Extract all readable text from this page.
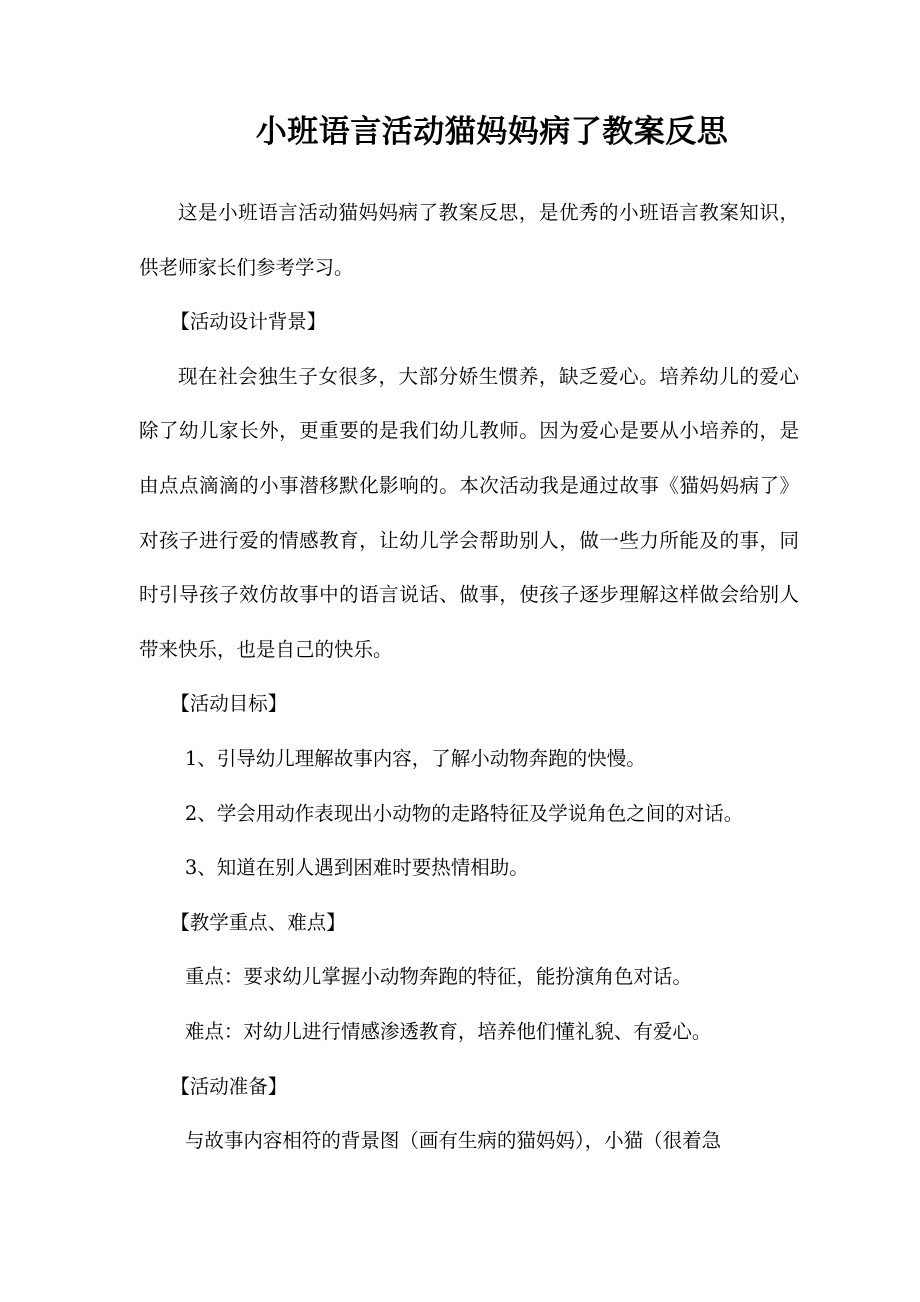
小班语言活动猫妈妈病了教案反思

这是小班语言活动猫妈妈病了教案反思，是优秀的小班语言教案知识，供老师家长们参考学习。

【活动设计背景】

现在社会独生子女很多，大部分娇生惯养，缺乏爱心。培养幼儿的爱心除了幼儿家长外，更重要的是我们幼儿教师。因为爱心是要从小培养的，是由点点滴滴的小事潜移默化影响的。本次活动我是通过故事《猫妈妈病了》对孩子进行爱的情感教育，让幼儿学会帮助别人，做一些力所能及的事，同时引导孩子效仿故事中的语言说话、做事，使孩子逐步理解这样做会给别人带来快乐，也是自己的快乐。

【活动目标】

1、引导幼儿理解故事内容，了解小动物奔跑的快慢。

2、学会用动作表现出小动物的走路特征及学说角色之间的对话。

3、知道在别人遇到困难时要热情相助。

【教学重点、难点】

重点：要求幼儿掌握小动物奔跑的特征，能扮演角色对话。

难点：对幼儿进行情感渗透教育，培养他们懂礼貌、有爱心。

【活动准备】

与故事内容相符的背景图（画有生病的猫妈妈），小猫（很着急
